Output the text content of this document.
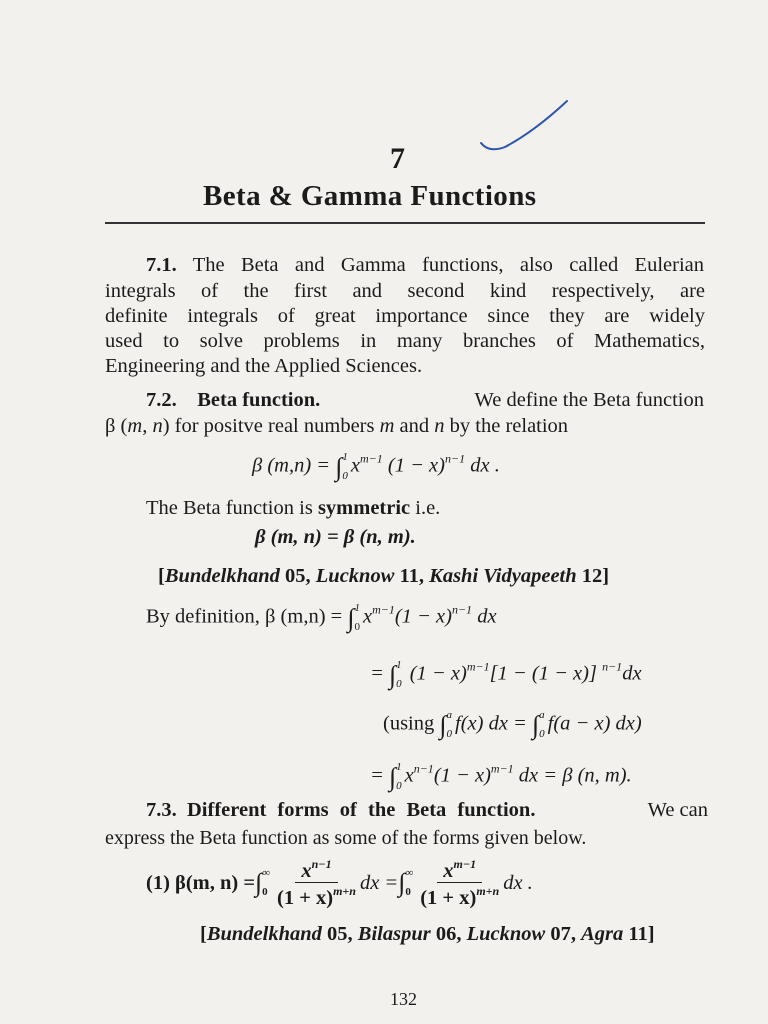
7
Beta & Gamma Functions
7.1. The Beta and Gamma functions, also called Eulerian
integrals of the first and second kind respectively, are
definite integrals of great importance since they are widely
used to solve problems in many branches of Mathematics,
Engineering and the Applied Sciences.
7.2. Beta function.	We define the Beta function
β (m, n) for positve real numbers m and n by the relation
β (m,n) = ∫ 1
0 $x^{m-1}$ $(1 - x)^{n-1}$ dx .
The Beta function is symmetric i.e.
β (m, n) = β (n, m).
[Bundelkhand 05, Lucknow 11, Kashi Vidyapeeth 12]
By definition, β (m,n) = ∫ 1
0 $x^{m-1}(1 - x)^{n-1}$ dx
= ∫ 1
0 $(1 - x)^{m-1}[1 - (1 - x)]$ $^{n-1}$dx
(using ∫ a
0 f(x) dx = ∫ a
0 f(a − x) dx)
= ∫ 1
0 $x^{n-1}(1 - x)^{m-1}$ dx = β (n, m).
7.3. Different forms of the Beta function.	We can
express the Beta function as some of the forms given below.
(1) β(m, n) = ∫ ∞
$0 \frac{x^{n-1}}{(1 + x)^{m+n}}$ dx = ∫ ∞
$0 \frac{x^{m-1}}{(1 + x)^{m+n}}$ dx .
[Bundelkhand 05, Bilaspur 06, Lucknow 07, Agra 11]
132
